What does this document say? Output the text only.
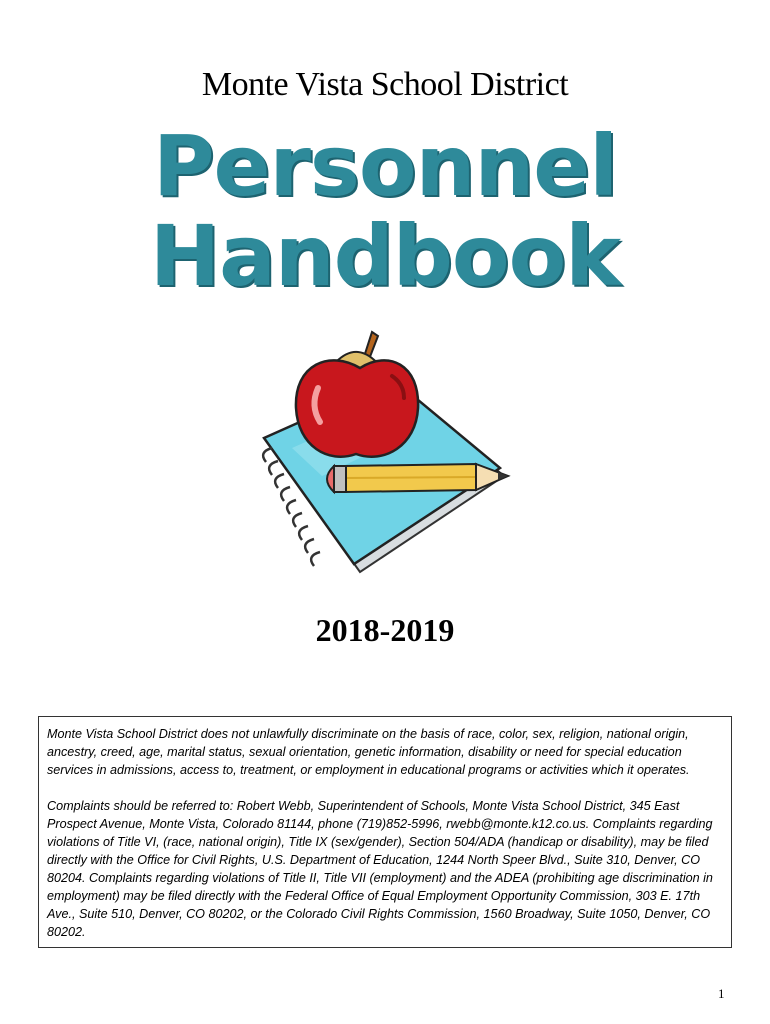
Monte Vista School District
Personnel
Handbook
2018-2019

Monte Vista School District does not unlawfully discriminate on the basis of race, color, sex, religion, national origin, ancestry, creed, age, marital status, sexual orientation, genetic information, disability or need for special education services in admissions, access to, treatment, or employment in educational programs or activities which it operates.

Complaints should be referred to: Robert Webb, Superintendent of Schools, Monte Vista School District, 345 East Prospect Avenue, Monte Vista, Colorado 81144, phone (719)852-5996, rwebb@monte.k12.co.us. Complaints regarding violations of Title VI, (race, national origin), Title IX (sex/gender), Section 504/ADA (handicap or disability), may be filed directly with the Office for Civil Rights, U.S. Department of Education, 1244 North Speer Blvd., Suite 310, Denver, CO 80204. Complaints regarding violations of Title II, Title VII (employment) and the ADEA (prohibiting age discrimination in employment) may be filed directly with the Federal Office of Equal Employment Opportunity Commission, 303 E. 17th Ave., Suite 510, Denver, CO 80202, or the Colorado Civil Rights Commission, 1560 Broadway, Suite 1050, Denver, CO 80202.

1
